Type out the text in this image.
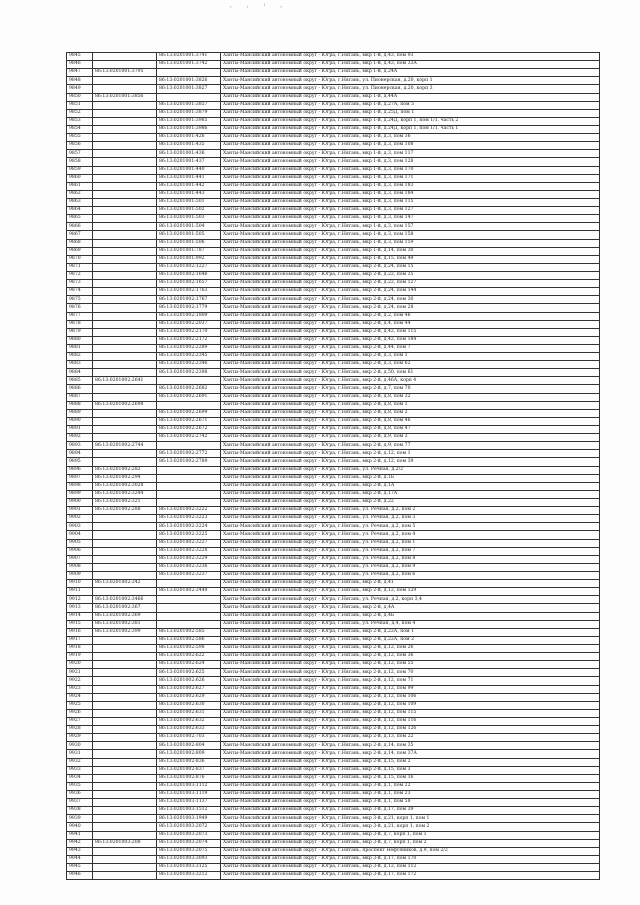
· · ' ·
9845		86:13:0201001:3741	Ханты-Мансийский автономный округ - Югра, г.Нягань, мкр 1-й, д.43, пом 93
9846		86:13:0201001:3742	Ханты-Мансийский автономный округ - Югра, г.Нягань, мкр 1-й, д.43, пом 33А
9847	86:13:0201001:3795		Ханты-Мансийский автономный округ - Югра, г.Нягань, мкр 1-й, д.24А
9848		86:13:0201001:3826	Ханты-Мансийский автономный округ - Югра, г.Нягань, ул. Пионерская, д.20, корп 1
9849		86:13:0201001:3827	Ханты-Мансийский автономный округ - Югра, г.Нягань, ул. Пионерская, д.20, корп 3
9850	86:13:0201001:3856		Ханты-Мансийский автономный округ - Югра, г.Нягань, мкр 1-й, д.44А
9851		86:13:0201001:3857	Ханты-Мансийский автономный округ - Югра, г.Нягань, мкр 1-й, д.27А, пом 5
9852		86:13:0201001:3879	Ханты-Мансийский автономный округ - Югра, г.Нягань, мкр 1-й, д.25Д, пом 1
9853		86:13:0201001:3985	Ханты-Мансийский автономный округ - Югра, г.Нягань, мкр 1-й, д.24Д, корп 1, пом 1/1, часть 2
9854		86:13:0201001:3986	Ханты-Мансийский автономный округ - Югра, г.Нягань, мкр 1-й, д.24Д, корп 1, пом 1/1, часть 1
9855		86:13:0201001:426	Ханты-Мансийский автономный округ - Югра, г.Нягань, мкр 1-й, д.3, пом 36
9856		86:13:0201001:435	Ханты-Мансийский автономный округ - Югра, г.Нягань, мкр 1-й, д.3, пом 108
9857		86:13:0201001:436	Ханты-Мансийский автономный округ - Югра, г.Нягань, мкр 1-й, д.3, пом 117
9858		86:13:0201001:437	Ханты-Мансийский автономный округ - Югра, г.Нягань, мкр 1-й, д.3, пом 128
9859		86:13:0201001:440	Ханты-Мансийский автономный округ - Югра, г.Нягань, мкр 1-й, д.3, пом 170
9860		86:13:0201001:441	Ханты-Мансийский автономный округ - Югра, г.Нягань, мкр 1-й, д.3, пом 171
9861		86:13:0201001:442	Ханты-Мансийский автономный округ - Югра, г.Нягань, мкр 1-й, д.3, пом 183
9862		86:13:0201001:443	Ханты-Мансийский автономный округ - Югра, г.Нягань, мкр 1-й, д.3, пом 184
9863		86:13:0201001:501	Ханты-Мансийский автономный округ - Югра, г.Нягань, мкр 1-й, д.3, пом 115
9864		86:13:0201001:502	Ханты-Мансийский автономный округ - Югра, г.Нягань, мкр 1-й, д.3, пом 127
9865		86:13:0201001:503	Ханты-Мансийский автономный округ - Югра, г.Нягань, мкр 1-й, д.3, пом 147
9866		86:13:0201001:504	Ханты-Мансийский автономный округ - Югра, г.Нягань, мкр 1-й, д.3, пом 157
9867		86:13:0201001:505	Ханты-Мансийский автономный округ - Югра, г.Нягань, мкр 1-й, д.3, пом 158
9868		86:13:0201001:506	Ханты-Мансийский автономный округ - Югра, г.Нягань, мкр 1-й, д.3, пом 159
9869		86:13:0201001:787	Ханты-Мансийский автономный округ - Югра, г.Нягань, мкр 1-й, д.14, пом 30
9870		86:13:0201001:992	Ханты-Мансийский автономный округ - Югра, г.Нягань, мкр 1-й, д.15, пом 49
9871		86:13:0201002:1227	Ханты-Мансийский автономный округ - Югра, г.Нягань, мкр 2-й, д.24, пом 15
9872		86:13:0201002:1646	Ханты-Мансийский автономный округ - Югра, г.Нягань, мкр 2-й, д.22, пом 35
9873		86:13:0201002:1657	Ханты-Мансийский автономный округ - Югра, г.Нягань, мкр 2-й, д.22, пом 127
9874		86:13:0201002:1763	Ханты-Мансийский автономный округ - Югра, г.Нягань, мкр 2-й, д.24, пом 144
9875		86:13:0201002:1767	Ханты-Мансийский автономный округ - Югра, г.Нягань, мкр 2-й, д.24, пом 30
9876		86:13:0201002:1779	Ханты-Мансийский автономный округ - Югра, г.Нягань, мкр 2-й, д.24, пом 28
9877		86:13:0201002:1809	Ханты-Мансийский автономный округ - Югра, г.Нягань, мкр 2-й, д.2, пом 46
9878		86:13:0201002:2037	Ханты-Мансийский автономный округ - Югра, г.Нягань, мкр 2-й, д.4, пом 44
9879		86:13:0201002:2170	Ханты-Мансийский автономный округ - Югра, г.Нягань, мкр 2-й, д.42, пом 115
9880		86:13:0201002:2172	Ханты-Мансийский автономный округ - Югра, г.Нягань, мкр 2-й, д.42, пом 184
9881		86:13:0201002:2289	Ханты-Мансийский автономный округ - Югра, г.Нягань, мкр 2-й, д.44, пом 7
9882		86:13:0201002:2345	Ханты-Мансийский автономный округ - Югра, г.Нягань, мкр 2-й, д.3, пом 1
9883		86:13:0201002:2346	Ханты-Мансийский автономный округ - Югра, г.Нягань, мкр 2-й, д.3, пом 62
9884		86:13:0201002:2398	Ханты-Мансийский автономный округ - Югра, г.Нягань, мкр 2-й, д.50, пом 61
9885	86:13:0201002:2641		Ханты-Мансийский автономный округ - Югра, г.Нягань, мкр 2-й, д.46А, корп 4
9886		86:13:0201002:2682	Ханты-Мансийский автономный округ - Югра, г.Нягань, мкр 2-й, д.7, пом 70
9887		86:13:0201002:2691	Ханты-Мансийский автономный округ - Югра, г.Нягань, мкр 2-й, д.8, пом 32
9888	86:13:0201002:2698		Ханты-Мансийский автономный округ - Югра, г.Нягань, мкр 2-й, д.8, пом 1
9889		86:13:0201002:2699	Ханты-Мансийский автономный округ - Югра, г.Нягань, мкр 2-й, д.8, пом 2
9890		86:13:0201002:2671	Ханты-Мансийский автономный округ - Югра, г.Нягань, мкр 2-й, д.8, пом 46
9891		86:13:0201002:2672	Ханты-Мансийский автономный округ - Югра, г.Нягань, мкр 2-й, д.8, пом 47
9892		86:13:0201002:2742	Ханты-Мансийский автономный округ - Югра, г.Нягань, мкр 2-й, д.9, пом 3
9893	86:13:0201002:2744		Ханты-Мансийский автономный округ - Югра, г.Нягань, мкр 2-й, д.9, пом 77
9894		86:13:0201002:2772	Ханты-Мансийский автономный округ - Югра, г.Нягань, мкр 2-й, д.12, пом 1
9895		86:13:0201002:2789	Ханты-Мансийский автономный округ - Югра, г.Нягань, мкр 2-й, д.12, пом 39
9896	86:13:0201002:282		Ханты-Мансийский автономный округ - Югра, г.Нягань, ул. Речная, д.2/2
9897	86:13:0201002:294		Ханты-Мансийский автономный округ - Югра, г.Нягань, мкр 2-й, д.1Б
9898	86:13:0201002:3028		Ханты-Мансийский автономный округ - Югра, г.Нягань, мкр 2-й, д.1А
9899	86:13:0201002:3244		Ханты-Мансийский автономный округ - Югра, г.Нягань, мкр 2-й, д.17А
9900	86:13:0201002:321		Ханты-Мансийский автономный округ - Югра, г.Нягань, мкр 2-й, д.22
9901	86:13:0201002:288	86:13:0201002:3222	Ханты-Мансийский автономный округ - Югра, г.Нягань, ул. Речная, д.2, пом 2
9902		86:13:0201002:3223	Ханты-Мансийский автономный округ - Югра, г.Нягань, ул. Речная, д.2, пом 3
9903		86:13:0201002:3224	Ханты-Мансийский автономный округ - Югра, г.Нягань, ул. Речная, д.2, пом 5
9904		86:13:0201002:3225	Ханты-Мансийский автономный округ - Югра, г.Нягань, ул. Речная, д.2, пом 4
9905		86:13:0201002:3227	Ханты-Мансийский автономный округ - Югра, г.Нягань, ул. Речная, д.2, пом 1
9906		86:13:0201002:3228	Ханты-Мансийский автономный округ - Югра, г.Нягань, ул. Речная, д.2, пом 7
9907		86:13:0201002:3229	Ханты-Мансийский автономный округ - Югра, г.Нягань, ул. Речная, д.2, пом 8
9908		86:13:0201002:3236	Ханты-Мансийский автономный округ - Югра, г.Нягань, ул. Речная, д.2, пом 9
9909		86:13:0201002:3237	Ханты-Мансийский автономный округ - Югра, г.Нягань, ул. Речная, д.2, пом 6
9910	86:13:0201002:342		Ханты-Мансийский автономный округ - Югра, г.Нягань, мкр 2-й, д.41
9911		86:13:0201002:3449	Ханты-Мансийский автономный округ - Югра, г.Нягань, мкр 2-й, д.12, пом 129
9912	86:13:0201002:3466		Ханты-Мансийский автономный округ - Югра, г.Нягань, ул. Речная, д.2, корп 3,4
9913	86:13:0201002:367		Ханты-Мансийский автономный округ - Югра, г.Нягань, мкр 2-й, д.4А
9914	86:13:0201002:369		Ханты-Мансийский автономный округ - Югра, г.Нягань, мкр 2-й, д.4Б
9915	86:13:0201002:381		Ханты-Мансийский автономный округ - Югра, г.Нягань, ул. Речная, д.4, пом 4
9916	86:13:0201002:399	86:13:0201002:585	Ханты-Мансийский автономный округ - Югра, г.Нягань, мкр 2-й, д.22А, пом 1
9917		86:13:0201002:586	Ханты-Мансийский автономный округ - Югра, г.Нягань, мкр 2-й, д.22А, пом 2
9918		86:13:0201002:598	Ханты-Мансийский автономный округ - Югра, г.Нягань, мкр 2-й, д.12, пом 26
9919		86:13:0201002:622	Ханты-Мансийский автономный округ - Югра, г.Нягань, мкр 2-й, д.12, пом 36
9920		86:13:0201002:624	Ханты-Мансийский автономный округ - Югра, г.Нягань, мкр 2-й, д.12, пом 55
9921		86:13:0201002:625	Ханты-Мансийский автономный округ - Югра, г.Нягань, мкр 2-й, д.12, пом 70
9922		86:13:0201002:626	Ханты-Мансийский автономный округ - Югра, г.Нягань, мкр 2-й, д.12, пом 71
9923		86:13:0201002:627	Ханты-Мансийский автономный округ - Югра, г.Нягань, мкр 2-й, д.12, пом 99
9924		86:13:0201002:629	Ханты-Мансийский автономный округ - Югра, г.Нягань, мкр 2-й, д.12, пом 106
9925		86:13:0201002:630	Ханты-Мансийский автономный округ - Югра, г.Нягань, мкр 2-й, д.12, пом 109
9926		86:13:0201002:631	Ханты-Мансийский автономный округ - Югра, г.Нягань, мкр 2-й, д.12, пом 115
9927		86:13:0201002:632	Ханты-Мансийский автономный округ - Югра, г.Нягань, мкр 2-й, д.12, пом 116
9928		86:13:0201002:633	Ханты-Мансийский автономный округ - Югра, г.Нягань, мкр 2-й, д.12, пом 126
9929		86:13:0201002:703	Ханты-Мансийский автономный округ - Югра, г.Нягань, мкр 2-й, д.13, пом 22
9930		86:13:0201002:804	Ханты-Мансийский автономный округ - Югра, г.Нягань, мкр 2-й, д.14, пом 35
9931		86:13:0201002:809	Ханты-Мансийский автономный округ - Югра, г.Нягань, мкр 2-й, д.14, пом 37А
9932		86:13:0201002:836	Ханты-Мансийский автономный округ - Югра, г.Нягань, мкр 2-й, д.15, пом 2
9933		86:13:0201002:837	Ханты-Мансийский автономный округ - Югра, г.Нягань, мкр 2-й, д.15, пом 3
9934		86:13:0201002:876	Ханты-Мансийский автономный округ - Югра, г.Нягань, мкр 2-й, д.15, пом 16
9935		86:13:0201003:1112	Ханты-Мансийский автономный округ - Югра, г.Нягань, мкр 3-й, д.1, пом 22
9936		86:13:0201003:1119	Ханты-Мансийский автономный округ - Югра, г.Нягань, мкр 3-й, д.1, пом 23
9937		86:13:0201003:1137	Ханты-Мансийский автономный округ - Югра, г.Нягань, мкр 3-й, д.1, пом 58
9938		86:13:0201003:1512	Ханты-Мансийский автономный округ - Югра, г.Нягань, мкр 3-й, д.17, пом 39
9939		86:13:0201003:1949	Ханты-Мансийский автономный округ - Югра, г.Нягань, мкр 3-й, д.21, корп 1, пом 1
9940		86:13:0201003:2072	Ханты-Мансийский автономный округ - Югра, г.Нягань, мкр 3-й, д.21, корп 1, пом 2
9941		86:13:0201003:2073	Ханты-Мансийский автономный округ - Югра, г.Нягань, мкр 3-й, д.7, корп 1, пом 1
9942	86:13:0201003:208	86:13:0201003:2074	Ханты-Мансийский автономный округ - Югра, г.Нягань, мкр 3-й, д.7, корп 1, пом 2
9943		86:13:0201003:2075	Ханты-Мансийский автономный округ - Югра, г.Нягань, проспект Нефтяников, д.9, пом 2/2
9944		86:13:0201003:3093	Ханты-Мансийский автономный округ - Югра, г.Нягань, мкр 3-й, д.17, пом 170
9945		86:13:0201003:3125	Ханты-Мансийский автономный округ - Югра, г.Нягань, мкр 3-й, д.12, пом 112
9946		86:13:0201003:3212	Ханты-Мансийский автономный округ - Югра, г.Нягань, мкр 3-й, д.17, пом 172
